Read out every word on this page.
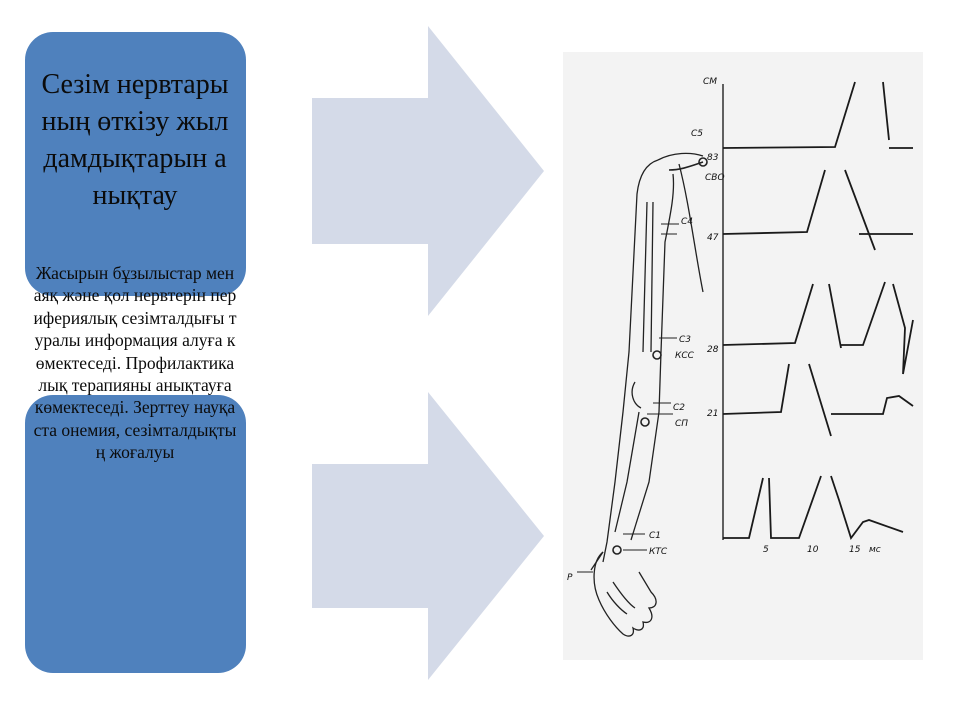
Сезім нервтарының өткізу жылдамдықтарын анықтау
Жасырын бұзылыстар мен аяқ және қол нервтерін перифериялық сезімталдығы туралы информация алуға көмектеседі. Профилактикалық терапияны анықтауға көмектеседі. Зерттеу науқаста онемия, сезімталдықтың жоғалуы
C5
СВО
C4
C3
КСС
C2
СП
C1
КТС
Р
СМ
мс
83
47
28
21
5	10	15
